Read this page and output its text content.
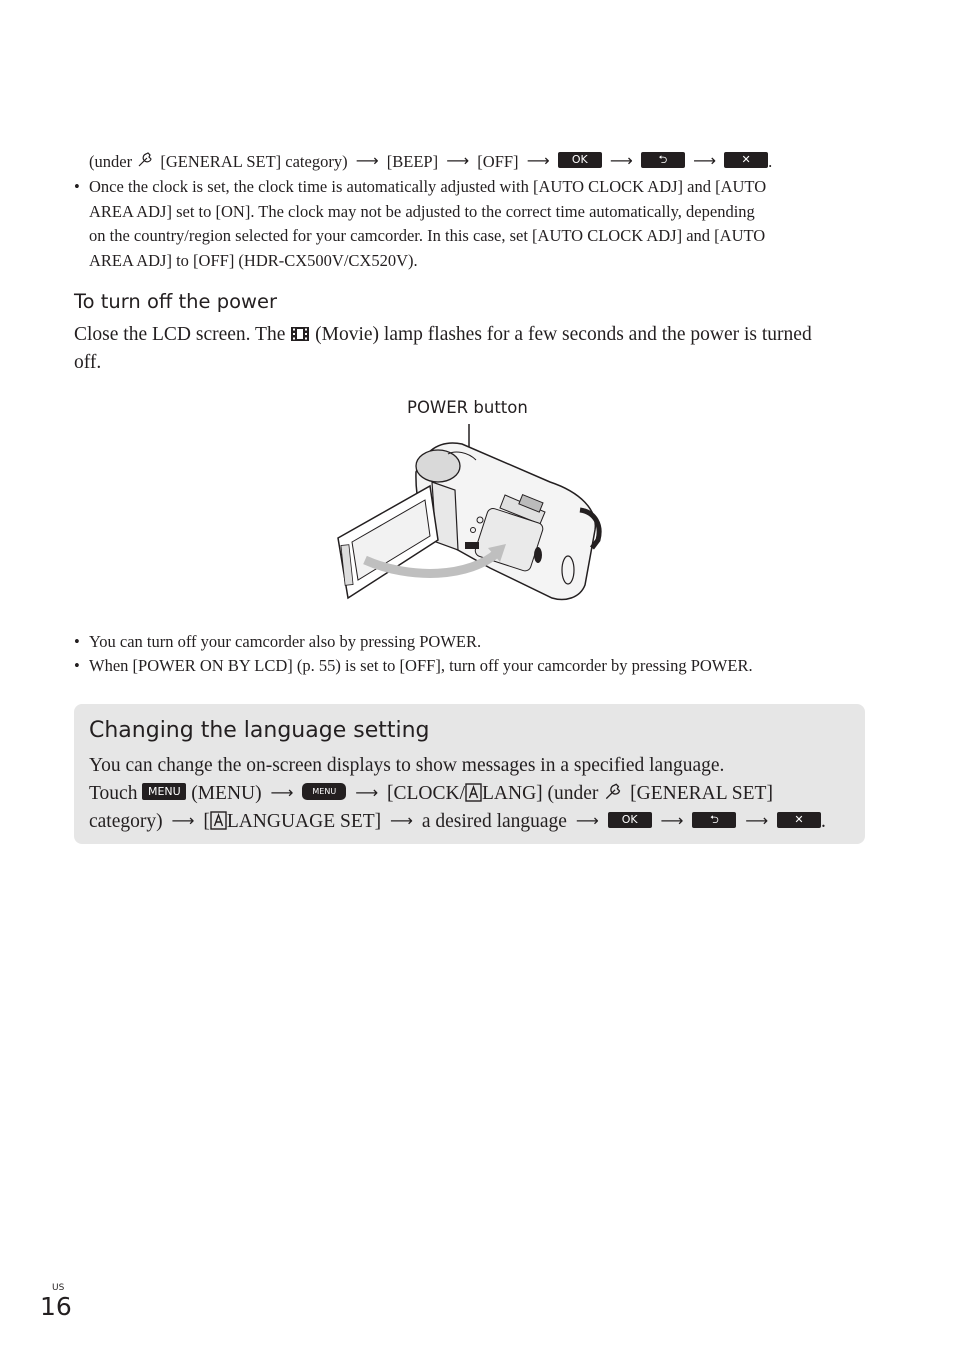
(under [GENERAL SET] category) ⟶ [BEEP] ⟶ [OFF] ⟶ OK ⟶ ⮌ ⟶ ✕ .
• Once the clock is set, the clock time is automatically adjusted with [AUTO CLOCK ADJ] and [AUTO
AREA ADJ] set to [ON]. The clock may not be adjusted to the correct time automatically, depending
on the country/region selected for your camcorder. In this case, set [AUTO CLOCK ADJ] and [AUTO
AREA ADJ] to [OFF] (HDR-CX500V/CX520V).
To turn off the power
Close the LCD screen. The (Movie) lamp flashes for a few seconds and the power is turned
off.
POWER button
• You can turn off your camcorder also by pressing POWER.
• When [POWER ON BY LCD] (p. 55) is set to [OFF], turn off your camcorder by pressing POWER.
Changing the language setting
You can change the on-screen displays to show messages in a specified language.
Touch MENU (MENU) ⟶ MENU ⟶ [CLOCK/ LANG] (under [GENERAL SET]
category) ⟶ [ LANGUAGE SET] ⟶ a desired language ⟶ OK ⟶ ⮌ ⟶ ✕ .
US
16
